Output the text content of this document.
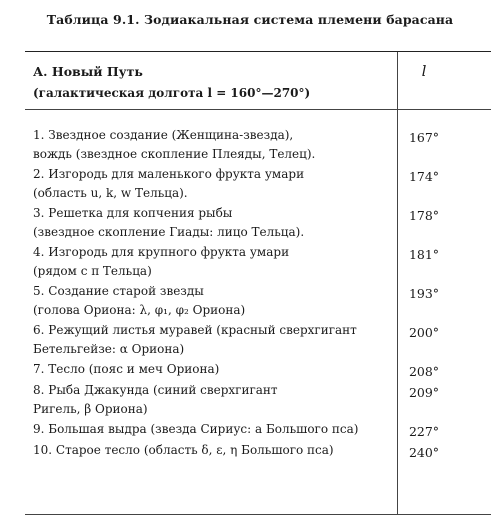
Таблица 9.1. Зодиакальная система племени барасана
А. Новый Путь
(галактическая долгота l = 160°—270°)
l
1. Звездное создание (Женщина-звезда),
вождь (звездное скопление Плеяды, Телец).
167°
2. Изгородь для маленького фрукта умари
(область u, k, w Тельца).
174°
3. Решетка для копчения рыбы
(звездное скопление Гиады: лицо Тельца).
178°
4. Изгородь для крупного фрукта умари
(рядом с π Тельца)
181°
5. Создание старой звезды
(голова Ориона: λ, φ₁, φ₂ Ориона)
193°
6. Режущий листья муравей (красный сверхгигант
Бетельгейзе: α Ориона)
200°
7. Тесло (пояс и меч Ориона)	208°
8. Рыба Джакунда (синий сверхгигант
Ригель, β Ориона)
209°
9. Большая выдра (звезда Сириус: a Большого пса)	227°
10. Старое тесло (область δ, ε, η Большого пса)	240°
